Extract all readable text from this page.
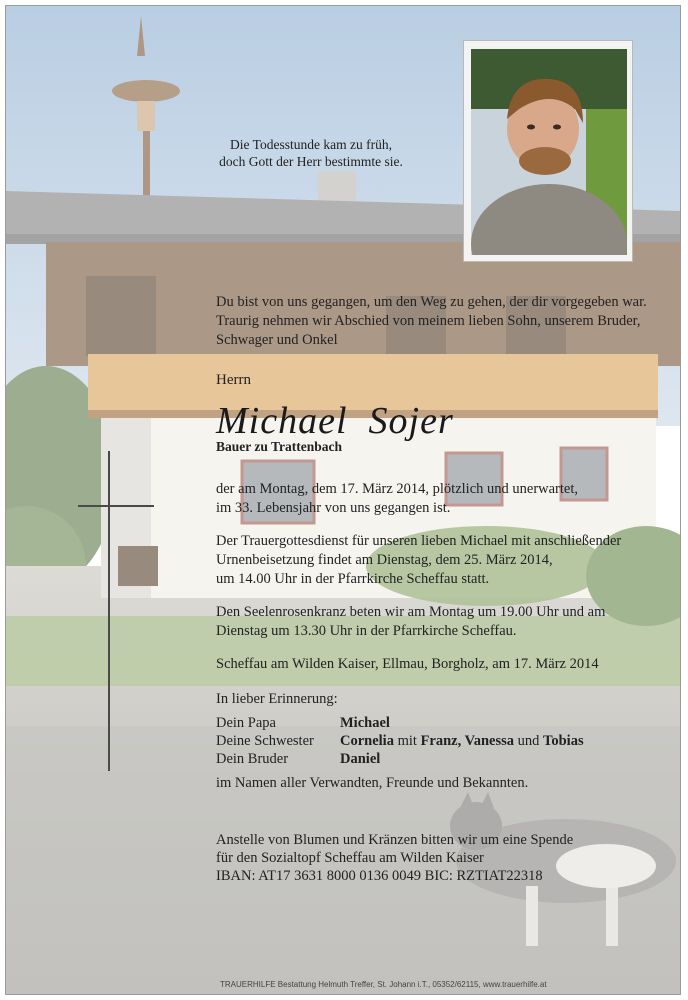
Die Todesstunde kam zu früh,
doch Gott der Herr bestimmte sie.
Du bist von uns gegangen, um den Weg zu gehen, der dir vorgegeben war.
Traurig nehmen wir Abschied von meinem lieben Sohn, unserem Bruder,
Schwager und Onkel
Herrn
Michael Sojer
Bauer zu Trattenbach
der am Montag, dem 17. März 2014, plötzlich und unerwartet,
im 33. Lebensjahr von uns gegangen ist.
Der Trauergottesdienst für unseren lieben Michael mit anschließender
Urnenbeisetzung findet am Dienstag, dem 25. März 2014,
um 14.00 Uhr in der Pfarrkirche Scheffau statt.
Den Seelenrosenkranz beten wir am Montag um 19.00 Uhr und am
Dienstag um 13.30 Uhr in der Pfarrkirche Scheffau.
Scheffau am Wilden Kaiser, Ellmau, Borgholz, am 17. März 2014
In lieber Erinnerung:
Dein Papa	Michael
Deine Schwester Cornelia mit Franz, Vanessa und Tobias
Dein Bruder	Daniel
im Namen aller Verwandten, Freunde und Bekannten.
Anstelle von Blumen und Kränzen bitten wir um eine Spende
für den Sozialtopf Scheffau am Wilden Kaiser
IBAN: AT17 3631 8000 0136 0049 BIC: RZTIAT22318
TRAUERHILFE Bestattung Helmuth Treffer, St. Johann i.T., 05352/62115, www.trauerhilfe.at
